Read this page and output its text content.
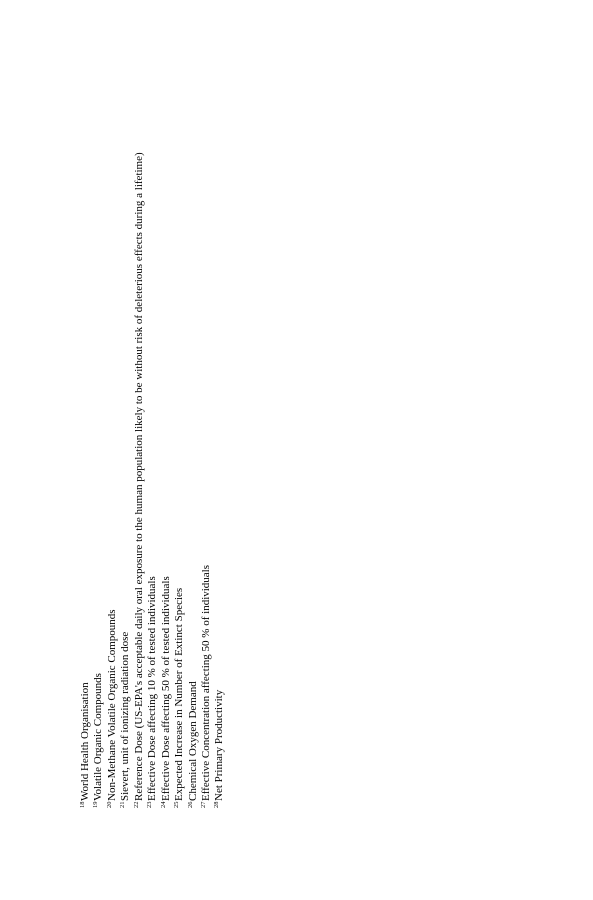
$^{18}$World Health Organisation
$^{19}$Volatile Organic Compounds
$^{20}$Non-Methane Volatile Organic Compounds
$^{21}$Sievert, unit of ionizing radiation dose
$^{22}$Reference Dose (US-EPA's acceptable daily oral exposure to the human population likely to be without risk of deleterious effects during a lifetime)
$^{23}$Effective Dose affecting 10 % of tested individuals
$^{24}$Effective Dose affecting 50 % of tested individuals
$^{25}$Expected Increase in Number of Extinct Species
$^{26}$Chemical Oxygen Demand
$^{27}$Effective Concentration affecting 50 % of individuals
$^{28}$Net Primary Productivity
